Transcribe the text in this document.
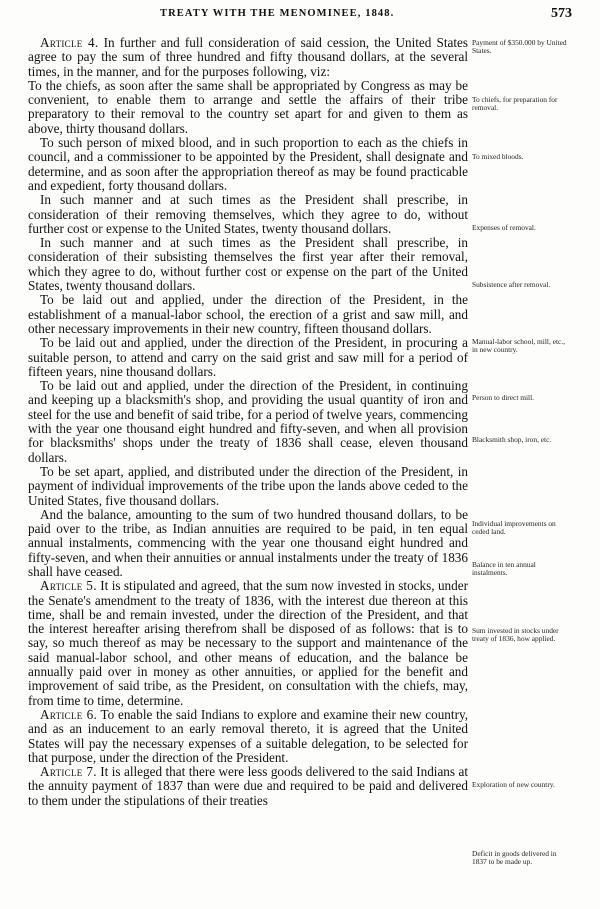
TREATY WITH THE MENOMINEE, 1848.	573

Article 4. In further and full consideration of said cession, the United States agree to pay the sum of three hundred and fifty thousand dollars, at the several times, in the manner, and for the purposes following, viz:

To the chiefs, as soon after the same shall be appropriated by Congress as may be convenient, to enable them to arrange and settle the affairs of their tribe preparatory to their removal to the country set apart for and given to them as above, thirty thousand dollars.

To such person of mixed blood, and in such proportion to each as the chiefs in council, and a commissioner to be appointed by the President, shall designate and determine, and as soon after the appropriation thereof as may be found practicable and expedient, forty thousand dollars.

In such manner and at such times as the President shall prescribe, in consideration of their removing themselves, which they agree to do, without further cost or expense to the United States, twenty thousand dollars.

In such manner and at such times as the President shall prescribe, in consideration of their subsisting themselves the first year after their removal, which they agree to do, without further cost or expense on the part of the United States, twenty thousand dollars.

To be laid out and applied, under the direction of the President, in the establishment of a manual-labor school, the erection of a grist and saw mill, and other necessary improvements in their new country, fifteen thousand dollars.

To be laid out and applied, under the direction of the President, in procuring a suitable person, to attend and carry on the said grist and saw mill for a period of fifteen years, nine thousand dollars.

To be laid out and applied, under the direction of the President, in continuing and keeping up a blacksmith's shop, and providing the usual quantity of iron and steel for the use and benefit of said tribe, for a period of twelve years, commencing with the year one thousand eight hundred and fifty-seven, and when all provision for blacksmiths' shops under the treaty of 1836 shall cease, eleven thousand dollars.

To be set apart, applied, and distributed under the direction of the President, in payment of individual improvements of the tribe upon the lands above ceded to the United States, five thousand dollars.

And the balance, amounting to the sum of two hundred thousand dollars, to be paid over to the tribe, as Indian annuities are required to be paid, in ten equal annual instalments, commencing with the year one thousand eight hundred and fifty-seven, and when their annuities or annual instalments under the treaty of 1836 shall have ceased.

Article 5. It is stipulated and agreed, that the sum now invested in stocks, under the Senate's amendment to the treaty of 1836, with the interest due thereon at this time, shall be and remain invested, under the direction of the President, and that the interest hereafter arising therefrom shall be disposed of as follows: that is to say, so much thereof as may be necessary to the support and maintenance of the said manual-labor school, and other means of education, and the balance be annually paid over in money as other annuities, or applied for the benefit and improvement of said tribe, as the President, on consultation with the chiefs, may, from time to time, determine.

Article 6. To enable the said Indians to explore and examine their new country, and as an inducement to an early removal thereto, it is agreed that the United States will pay the necessary expenses of a suitable delegation, to be selected for that purpose, under the direction of the President.

Article 7. It is alleged that there were less goods delivered to the said Indians at the annuity payment of 1837 than were due and required to be paid and delivered to them under the stipulations of their treaties

Payment of $350.000 by United States.
To chiefs, for preparation for removal.
To mixed bloods.
Expenses of removal.
Subsistence after removal.
Manual-labor school, mill, etc., in new country.
Person to direct mill.
Blacksmith shop, iron, etc.
Individual improvements on ceded land.
Balance in ten annual instalments.
Sum invested in stocks under treaty of 1836, how applied.
Exploration of new country.
Deficit in goods delivered in 1837 to be made up.
